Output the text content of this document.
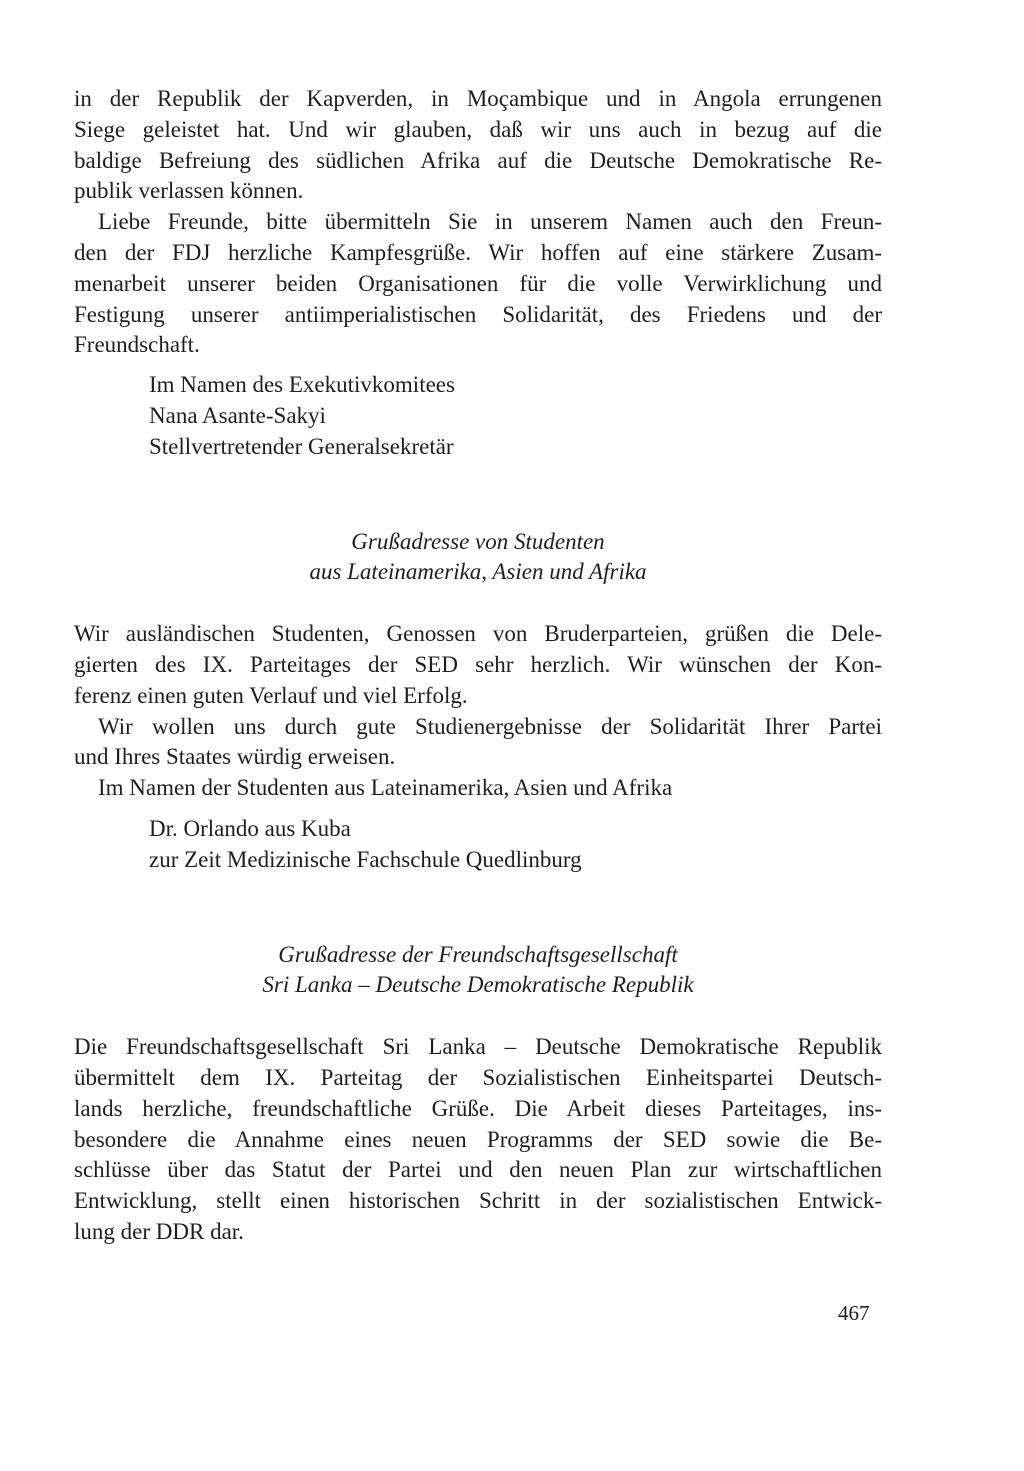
in der Republik der Kapverden, in Moçambique und in Angola errungenen
Siege geleistet hat. Und wir glauben, daß wir uns auch in bezug auf die
baldige Befreiung des südlichen Afrika auf die Deutsche Demokratische Re-
publik verlassen können.
Liebe Freunde, bitte übermitteln Sie in unserem Namen auch den Freun-
den der FDJ herzliche Kampfesgrüße. Wir hoffen auf eine stärkere Zusam-
menarbeit unserer beiden Organisationen für die volle Verwirklichung und
Festigung unserer antiimperialistischen Solidarität, des Friedens und der
Freundschaft.
Im Namen des Exekutivkomitees
Nana Asante-Sakyi
Stellvertretender Generalsekretär
Grußadresse von Studenten
aus Lateinamerika, Asien und Afrika
Wir ausländischen Studenten, Genossen von Bruderparteien, grüßen die Dele-
gierten des IX. Parteitages der SED sehr herzlich. Wir wünschen der Kon-
ferenz einen guten Verlauf und viel Erfolg.
Wir wollen uns durch gute Studienergebnisse der Solidarität Ihrer Partei
und Ihres Staates würdig erweisen.
Im Namen der Studenten aus Lateinamerika, Asien und Afrika
Dr. Orlando aus Kuba
zur Zeit Medizinische Fachschule Quedlinburg
Grußadresse der Freundschaftsgesellschaft
Sri Lanka – Deutsche Demokratische Republik
Die Freundschaftsgesellschaft Sri Lanka – Deutsche Demokratische Republik
übermittelt dem IX. Parteitag der Sozialistischen Einheitspartei Deutsch-
lands herzliche, freundschaftliche Grüße. Die Arbeit dieses Parteitages, ins-
besondere die Annahme eines neuen Programms der SED sowie die Be-
schlüsse über das Statut der Partei und den neuen Plan zur wirtschaftlichen
Entwicklung, stellt einen historischen Schritt in der sozialistischen Entwick-
lung der DDR dar.
467
